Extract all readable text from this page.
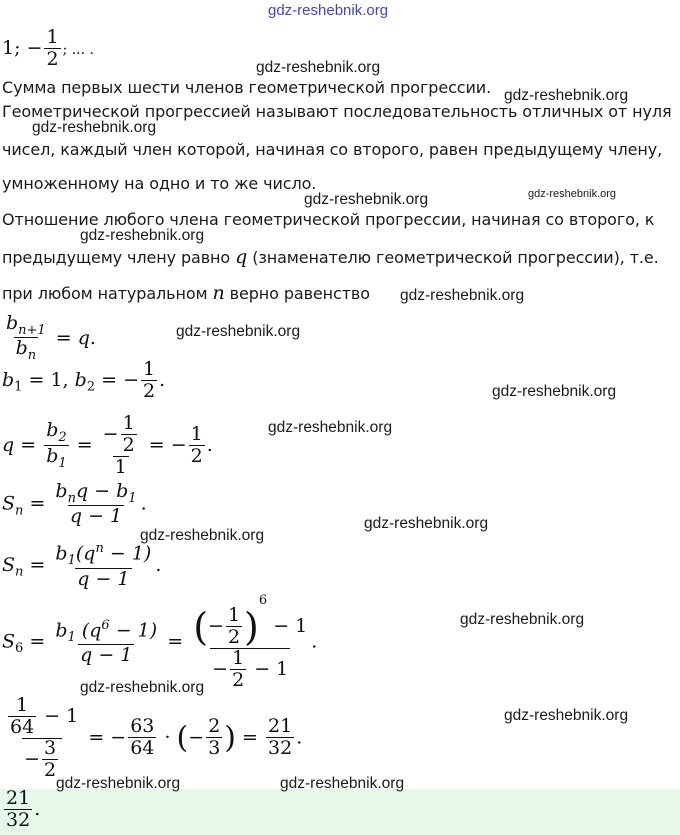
gdz-reshebnik.org
1; − $\frac{1}{2}$ ; ... .
Сумма первых шести членов геометрической прогрессии.
Геометрической прогрессией называют последовательность отличных от нуля
чисел, каждый член которой, начиная со второго, равен предыдущему члену,
умноженному на одно и то же число.
Отношение любого члена геометрической прогрессии, начиная со второго, к
предыдущему члену равно q (знаменателю геометрической прогрессии), т.е.
при любом натуральном n верно равенство
$\frac{b_{n+1}}{b_n} = q$.
$b_1 = 1$, $b_2$ = − $\frac{1}{2}$ .
$q = \frac{b_2}{b_1} = \frac{- \frac{1}{2}}{1}$ = − $\frac{1}{2}$ .
$S_n = \frac{b_nq - b_1}{q - 1}$ .
$S_n = \frac{b_1(q^n - 1)}{q - 1}$ .
$S_6 = \frac{b_1 (q^6 - 1)}{q - 1} = \frac{(- \frac{1}{2} )^6 - 1}{- \frac{1}{2} - 1}$ .
$\frac{\frac{1}{64} - 1}{- \frac{3}{2}}$ = − $\frac{63}{64}$ · (− $\frac{2}{3}$ ) = $\frac{21}{32}$ .
$\frac{21}{32}$ .
gdz-reshebnik.org
gdz-reshebnik.org
gdz-reshebnik.org
gdz-reshebnik.org	gdz-reshebnik.org
gdz-reshebnik.org
gdz-reshebnik.org
gdz-reshebnik.org
gdz-reshebnik.org
gdz-reshebnik.org
gdz-reshebnik.org
gdz-reshebnik.org
gdz-reshebnik.org
gdz-reshebnik.org
gdz-reshebnik.org
gdz-reshebnik.org	gdz-reshebnik.org
